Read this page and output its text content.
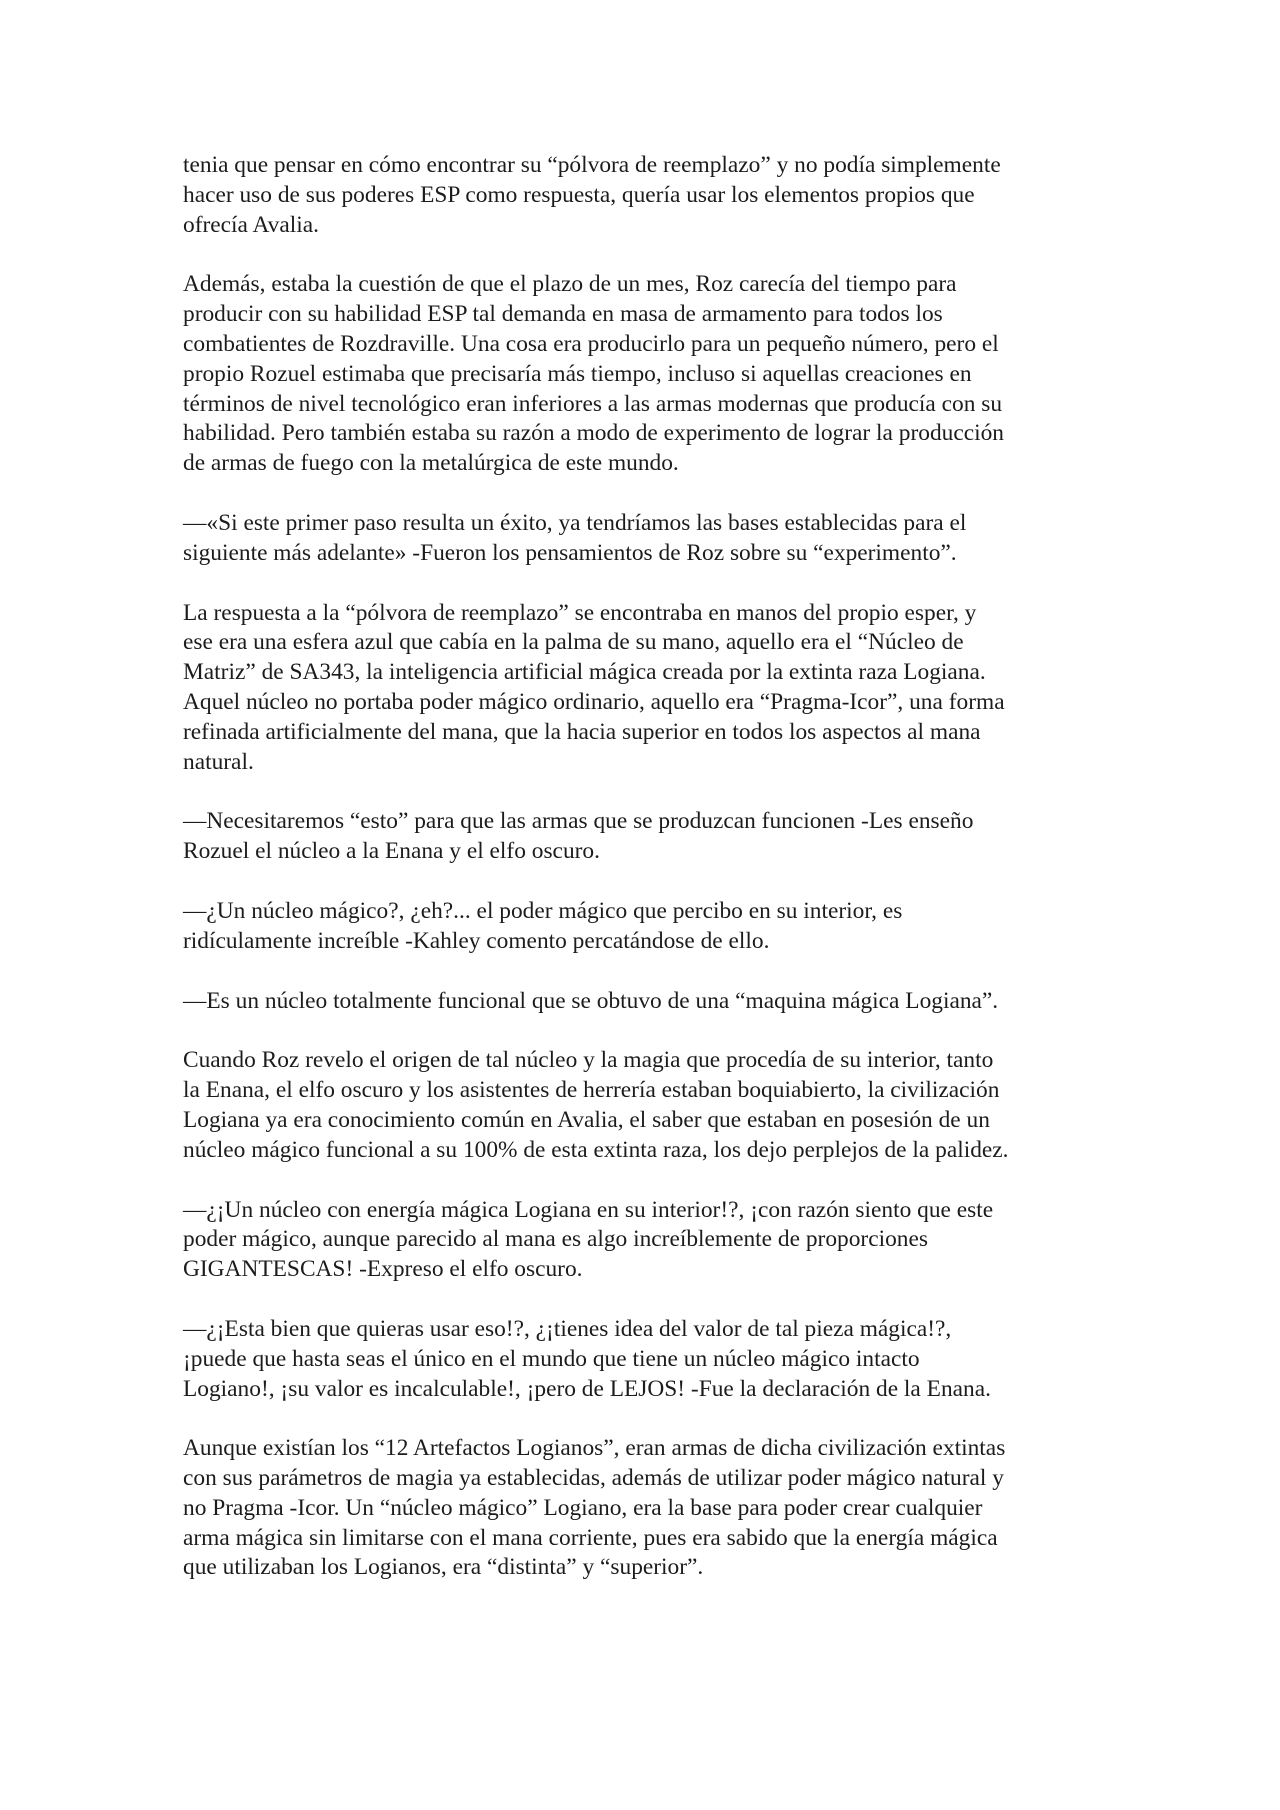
tenia que pensar en cómo encontrar su “pólvora de reemplazo” y no podía simplemente
hacer uso de sus poderes ESP como respuesta, quería usar los elementos propios que
ofrecía Avalia.

Además, estaba la cuestión de que el plazo de un mes, Roz carecía del tiempo para
producir con su habilidad ESP tal demanda en masa de armamento para todos los
combatientes de Rozdraville. Una cosa era producirlo para un pequeño número, pero el
propio Rozuel estimaba que precisaría más tiempo, incluso si aquellas creaciones en
términos de nivel tecnológico eran inferiores a las armas modernas que producía con su
habilidad. Pero también estaba su razón a modo de experimento de lograr la producción
de armas de fuego con la metalúrgica de este mundo.

—«Si este primer paso resulta un éxito, ya tendríamos las bases establecidas para el
siguiente más adelante» -Fueron los pensamientos de Roz sobre su “experimento”.

La respuesta a la “pólvora de reemplazo” se encontraba en manos del propio esper, y
ese era una esfera azul que cabía en la palma de su mano, aquello era el “Núcleo de
Matriz” de SA343, la inteligencia artificial mágica creada por la extinta raza Logiana.
Aquel núcleo no portaba poder mágico ordinario, aquello era “Pragma-Icor”, una forma
refinada artificialmente del mana, que la hacia superior en todos los aspectos al mana
natural.

—Necesitaremos “esto” para que las armas que se produzcan funcionen -Les enseño
Rozuel el núcleo a la Enana y el elfo oscuro.

—¿Un núcleo mágico?, ¿eh?... el poder mágico que percibo en su interior, es
ridículamente increíble -Kahley comento percatándose de ello.

—Es un núcleo totalmente funcional que se obtuvo de una “maquina mágica Logiana”.

Cuando Roz revelo el origen de tal núcleo y la magia que procedía de su interior, tanto
la Enana, el elfo oscuro y los asistentes de herrería estaban boquiabierto, la civilización
Logiana ya era conocimiento común en Avalia, el saber que estaban en posesión de un
núcleo mágico funcional a su 100% de esta extinta raza, los dejo perplejos de la palidez.

—¿¡Un núcleo con energía mágica Logiana en su interior!?, ¡con razón siento que este
poder mágico, aunque parecido al mana es algo increíblemente de proporciones
GIGANTESCAS! -Expreso el elfo oscuro.

—¿¡Esta bien que quieras usar eso!?, ¿¡tienes idea del valor de tal pieza mágica!?,
¡puede que hasta seas el único en el mundo que tiene un núcleo mágico intacto
Logiano!, ¡su valor es incalculable!, ¡pero de LEJOS! -Fue la declaración de la Enana.

Aunque existían los “12 Artefactos Logianos”, eran armas de dicha civilización extintas
con sus parámetros de magia ya establecidas, además de utilizar poder mágico natural y
no Pragma -Icor. Un “núcleo mágico” Logiano, era la base para poder crear cualquier
arma mágica sin limitarse con el mana corriente, pues era sabido que la energía mágica
que utilizaban los Logianos, era “distinta” y “superior”.
